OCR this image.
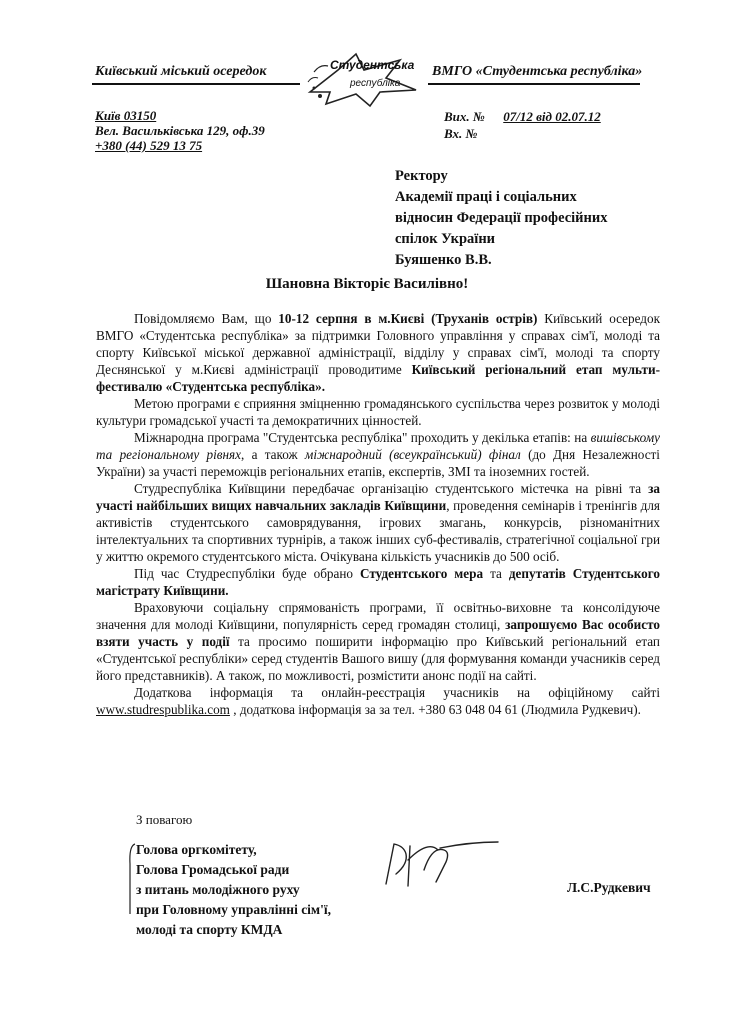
Київський міський осередок	Студентська
республіка
ВМГО «Студентська республіка»
Київ 03150
Вел. Васильківська 129, оф.39
+380 (44) 529 13 75
Вих. № 07/12 від 02.07.12
Вх. №
Ректору
Академії праці і соціальних
відносин Федерації професійних
спілок України
Буяшенко В.В.
Шановна Вікторіє Василівно!

Повідомляємо Вам, що 10-12 серпня в м.Києві (Труханів острів) Київський осередок ВМГО «Студентська республіка» за підтримки Головного управління у справах сім'ї, молоді та спорту Київської міської державної адміністрації, відділу у справах сім'ї, молоді та спорту Деснянської у м.Києві адміністрації проводитиме Київський регіональний етап мульти-фестивалю «Студентська республіка».

Метою програми є сприяння зміцненню громадянського суспільства через розвиток у молоді культури громадської участі та демократичних цінностей.

Міжнародна програма "Студентська республіка" проходить у декілька етапів: на вишівському та регіональному рівнях, а також міжнародний (всеукраїнський) фінал (до Дня Незалежності України) за участі переможців регіональних етапів, експертів, ЗМІ та іноземних гостей.

Студреспубліка Київщини передбачає організацію студентського містечка на рівні та за участі найбільших вищих навчальних закладів Київщини, проведення семінарів і тренінгів для активістів студентського самоврядування, ігрових змагань, конкурсів, різноманітних інтелектуальних та спортивних турнірів, а також інших суб-фестивалів, стратегічної соціальної гри у життю окремого студентського міста. Очікувана кількість учасників до 500 осіб.

Під час Студреспубліки буде обрано Студентського мера та депутатів Студентського магістрату Київщини.

Враховуючи соціальну спрямованість програми, її освітньо-виховне та консолідуюче значення для молоді Київщини, популярність серед громадян столиці, запрошуємо Вас особисто взяти участь у події та просимо поширити інформацію про Київський регіональний етап «Студентської республіки» серед студентів Вашого вишу (для формування команди учасників серед його представників). А також, по можливості, розмістити анонс події на сайті.

Додаткова інформація та онлайн-реєстрація учасників на офіційному сайті www.studrespublika.com , додаткова інформація за за тел. +380 63 048 04 61 (Людмила Рудкевич).

З повагою
Голова оргкомітету,
Голова Громадської ради
з питань молодіжного руху
при Головному управлінні сім'ї,
молоді та спорту КМДА
Л.С.Рудкевич
